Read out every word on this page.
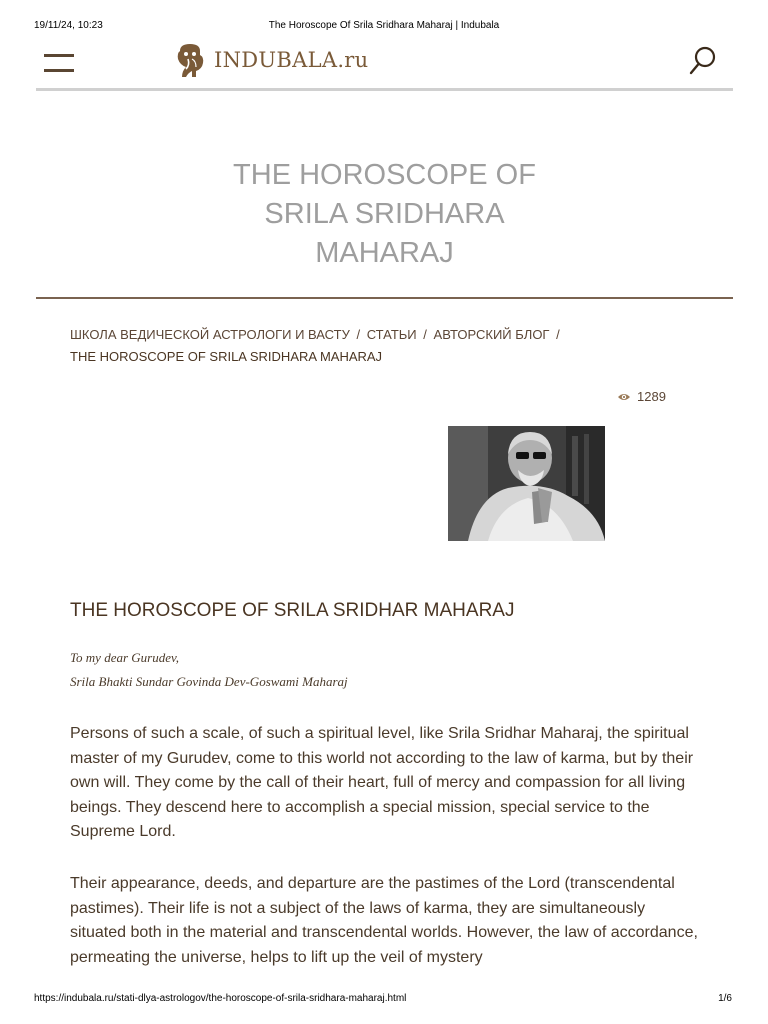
19/11/24, 10:23	The Horoscope Of Srila Sridhara Maharaj | Indubala
INDUBALA.ru
THE HOROSCOPE OF
SRILA SRIDHARA
MAHARAJ
ШКОЛА ВЕДИЧЕСКОЙ АСТРОЛОГИ И ВАСТУ / СТАТЬИ / АВТОРСКИЙ БЛОГ /
THE HOROSCOPE OF SRILA SRIDHARA MAHARAJ
1289
THE HOROSCOPE OF SRILA SRIDHAR MAHARAJ
To my dear Gurudev,
Srila Bhakti Sundar Govinda Dev-Goswami Maharaj
Persons of such a scale, of such a spiritual level, like Srila Sridhar Maharaj, the spiritual master of my Gurudev, come to this world not according to the law of karma, but by their own will. They come by the call of their heart, full of mercy and compassion for all living beings. They descend here to accomplish a special mission, special service to the Supreme Lord.
Their appearance, deeds, and departure are the pastimes of the Lord (transcendental pastimes). Their life is not a subject of the laws of karma, they are simultaneously situated both in the material and transcendental worlds. However, the law of accordance, permeating the universe, helps to lift up the veil of mystery
https://indubala.ru/stati-dlya-astrologov/the-horoscope-of-srila-sridhara-maharaj.html	1/6
